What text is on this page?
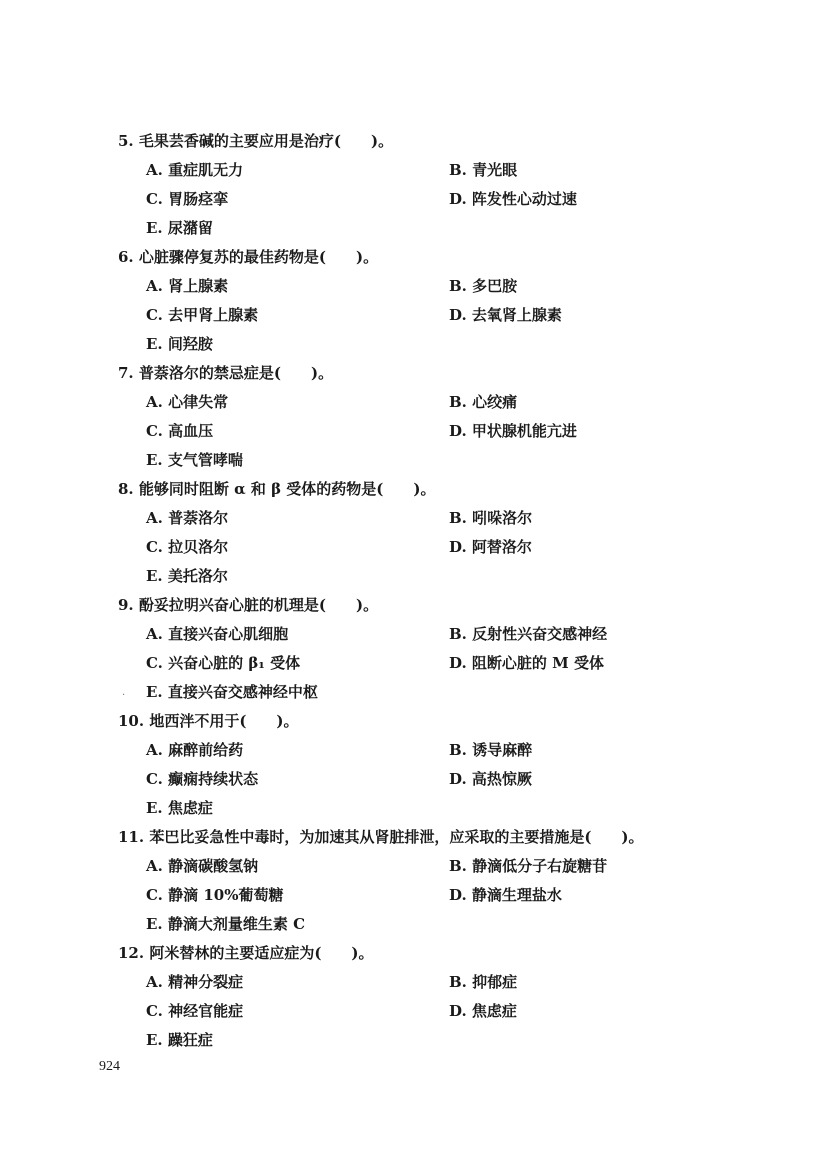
5. 毛果芸香碱的主要应用是治疗(　　)。
A. 重症肌无力	B. 青光眼
C. 胃肠痉挛	D. 阵发性心动过速
E. 尿潴留
6. 心脏骤停复苏的最佳药物是(　　)。
A. 肾上腺素	B. 多巴胺
C. 去甲肾上腺素	D. 去氧肾上腺素
E. 间羟胺
7. 普萘洛尔的禁忌症是(　　)。
A. 心律失常	B. 心绞痛
C. 高血压	D. 甲状腺机能亢进
E. 支气管哮喘
8. 能够同时阻断 α 和 β 受体的药物是(　　)。
A. 普萘洛尔	B. 吲哚洛尔
C. 拉贝洛尔	D. 阿替洛尔
E. 美托洛尔
9. 酚妥拉明兴奋心脏的机理是(　　)。
A. 直接兴奋心肌细胞	B. 反射性兴奋交感神经
C. 兴奋心脏的 β₁ 受体	D. 阻断心脏的 M 受体
E. 直接兴奋交感神经中枢
10. 地西泮不用于(　　)。
A. 麻醉前给药	B. 诱导麻醉
C. 癫痫持续状态	D. 高热惊厥
E. 焦虑症
11. 苯巴比妥急性中毒时，为加速其从肾脏排泄，应采取的主要措施是(　　)。
A. 静滴碳酸氢钠	B. 静滴低分子右旋糖苷
C. 静滴 10%葡萄糖	D. 静滴生理盐水
E. 静滴大剂量维生素 C
12. 阿米替林的主要适应症为(　　)。
A. 精神分裂症	B. 抑郁症
C. 神经官能症	D. 焦虑症
E. 躁狂症
·
924
